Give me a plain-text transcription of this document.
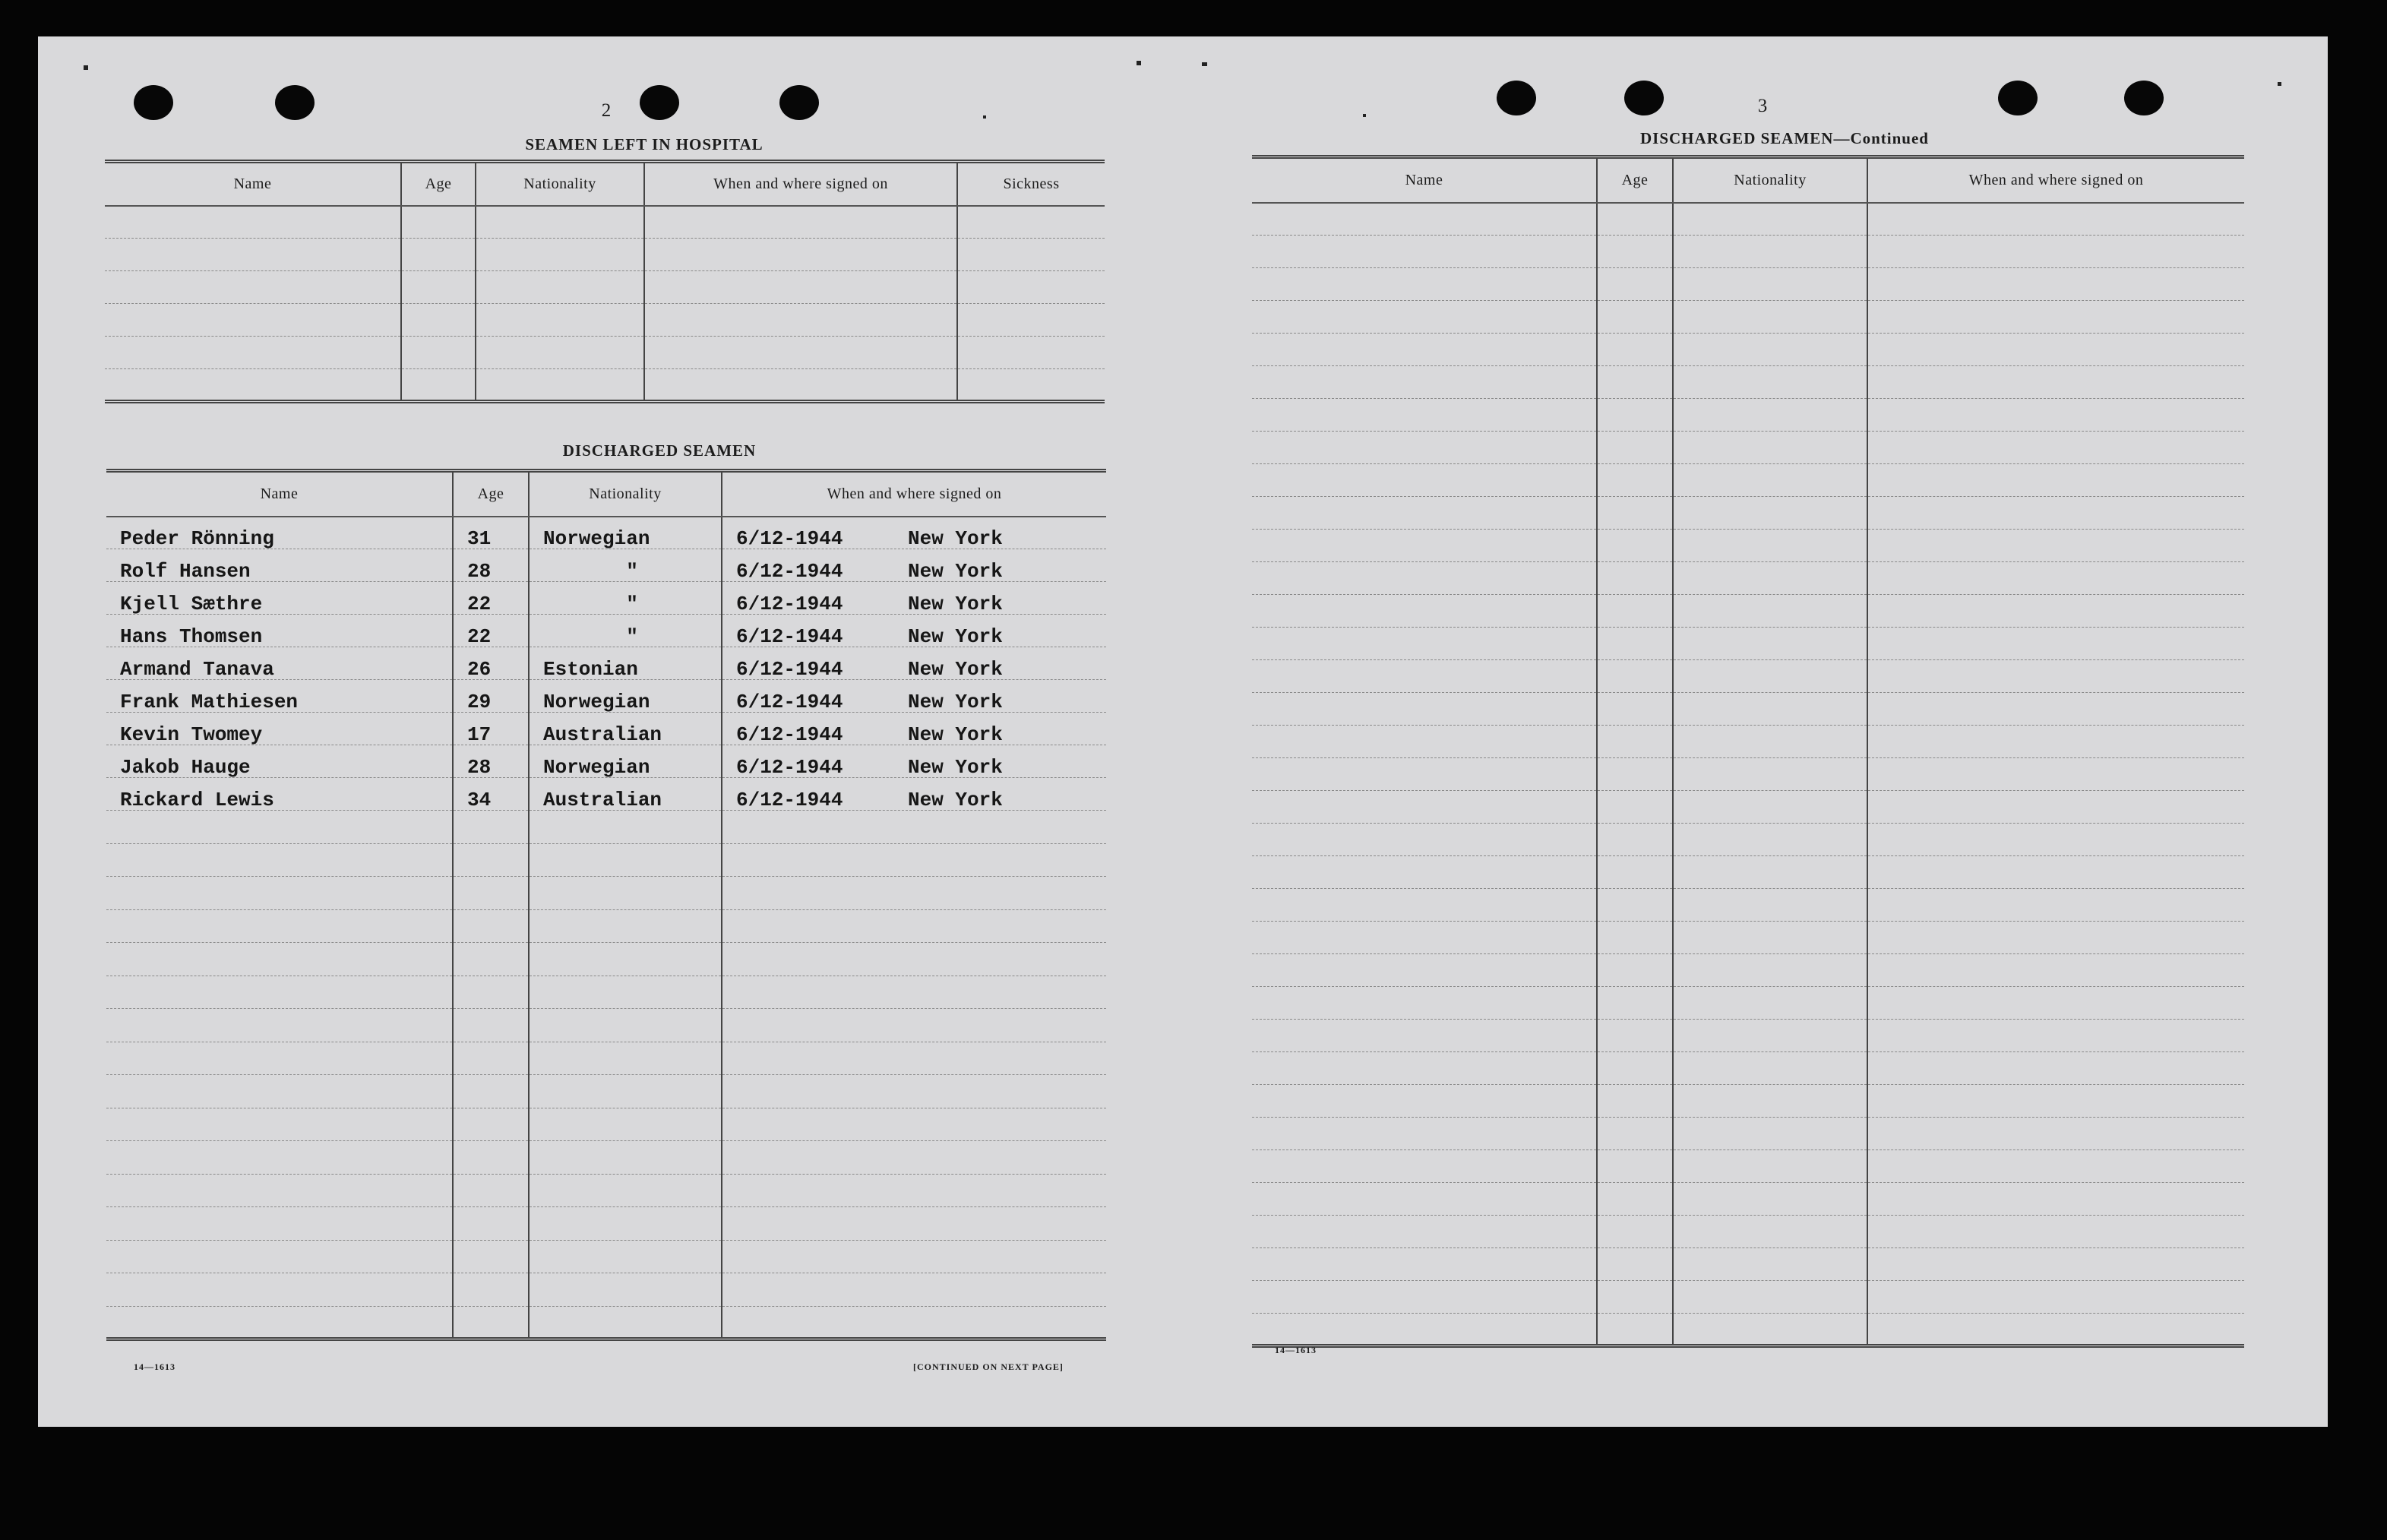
2
SEAMEN LEFT IN HOSPITAL
Name	Age	Nationality	When and where signed on	Sickness

DISCHARGED SEAMEN
Name	Age	Nationality	When and where signed on
Peder Rönning	31	Norwegian	6/12-1944 New York
Rolf Hansen	28	"	6/12-1944 New York
Kjell Sæthre	22	"	6/12-1944 New York
Hans Thomsen	22	"	6/12-1944 New York
Armand Tanava	26	Estonian	6/12-1944 New York
Frank Mathiesen	29	Norwegian	6/12-1944 New York
Kevin Twomey	17	Australian	6/12-1944 New York
Jakob Hauge	28	Norwegian	6/12-1944 New York
Rickard Lewis	34	Australian	6/12-1944 New York

14—1613	[CONTINUED ON NEXT PAGE]
3
DISCHARGED SEAMEN—Continued
Name	Age	Nationality	When and where signed on

14—1613
